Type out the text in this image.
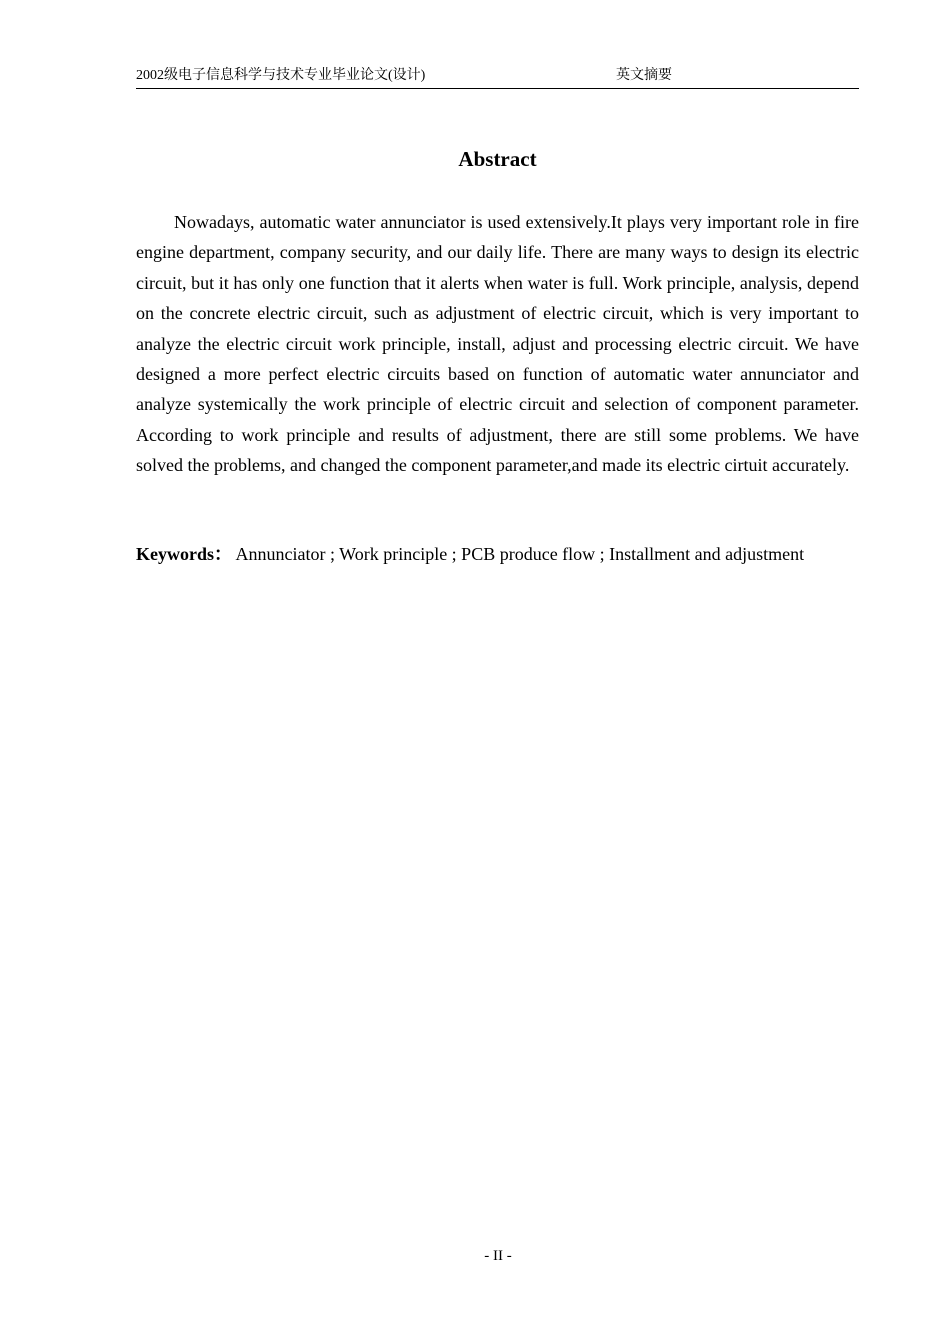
2002级电子信息科学与技术专业毕业论文(设计)	英文摘要
Abstract

Nowadays, automatic water annunciator is used extensively.It plays very important role in fire engine department, company security, and our daily life. There are many ways to design its electric circuit, but it has only one function that it alerts when water is full. Work principle, analysis, depend on the concrete electric circuit, such as adjustment of electric circuit, which is very important to analyze the electric circuit work principle, install, adjust and processing electric circuit. We have designed a more perfect electric circuits based on function of automatic water annunciator and analyze systemically the work principle of electric circuit and selection of component parameter. According to work principle and results of adjustment, there are still some problems. We have solved the problems, and changed the component parameter,and made its electric cirtuit accurately.

Keywords： Annunciator ; Work principle ; PCB produce flow ; Installment and adjustment
- II -
